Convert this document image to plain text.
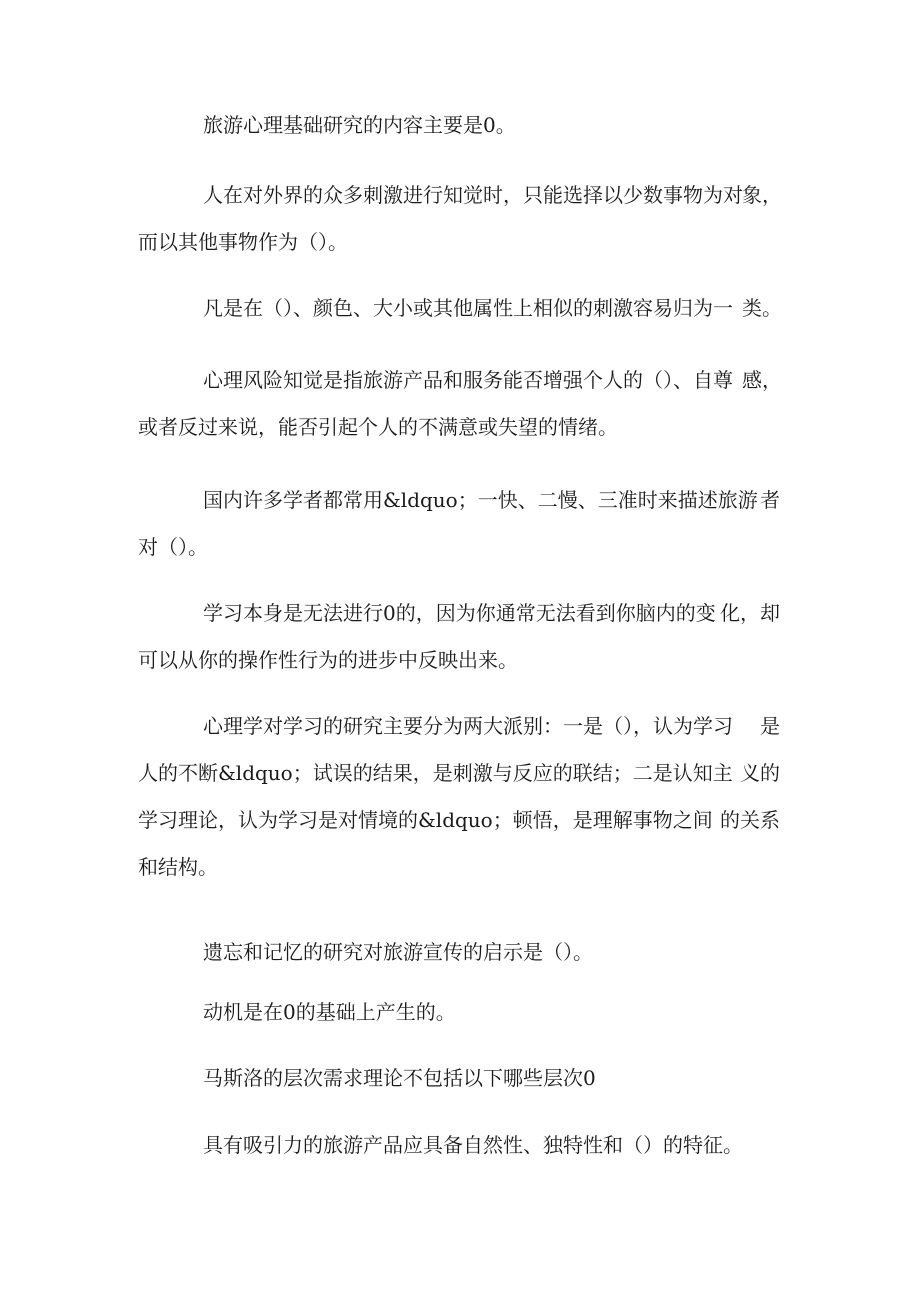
旅游心理基础研究的内容主要是0。

人在对外界的众多刺激进行知觉时，只能选择以少数事物为对

象，

而以其他事物作为（）。

凡是在（）、颜色、大小或其他属性上相似的刺激容易归为一

类。

心理风险知觉是指旅游产品和服务能否增强个人的（）、自尊

感，

或者反过来说，能否引起个人的不满意或失望的情绪。

国内许多学者都常用&ldquo；一快、二慢、三准时来描述旅游

者

对（）。

学习本身是无法进行0的，因为你通常无法看到你脑内的变

化，却

可以从你的操作性行为的进步中反映出来。

心理学对学习的研究主要分为两大派别：一是（），认为学习

是

人的不断&ldquo；试误的结果，是刺激与反应的联结；二是认知主

义的

学习理论，认为学习是对情境的&ldquo；顿悟，是理解事物之间

的关系

和结构。

遗忘和记忆的研究对旅游宣传的启示是（）。

动机是在0的基础上产生的。

马斯洛的层次需求理论不包括以下哪些层次0

具有吸引力的旅游产品应具备自然性、独特性和（）的特征。
